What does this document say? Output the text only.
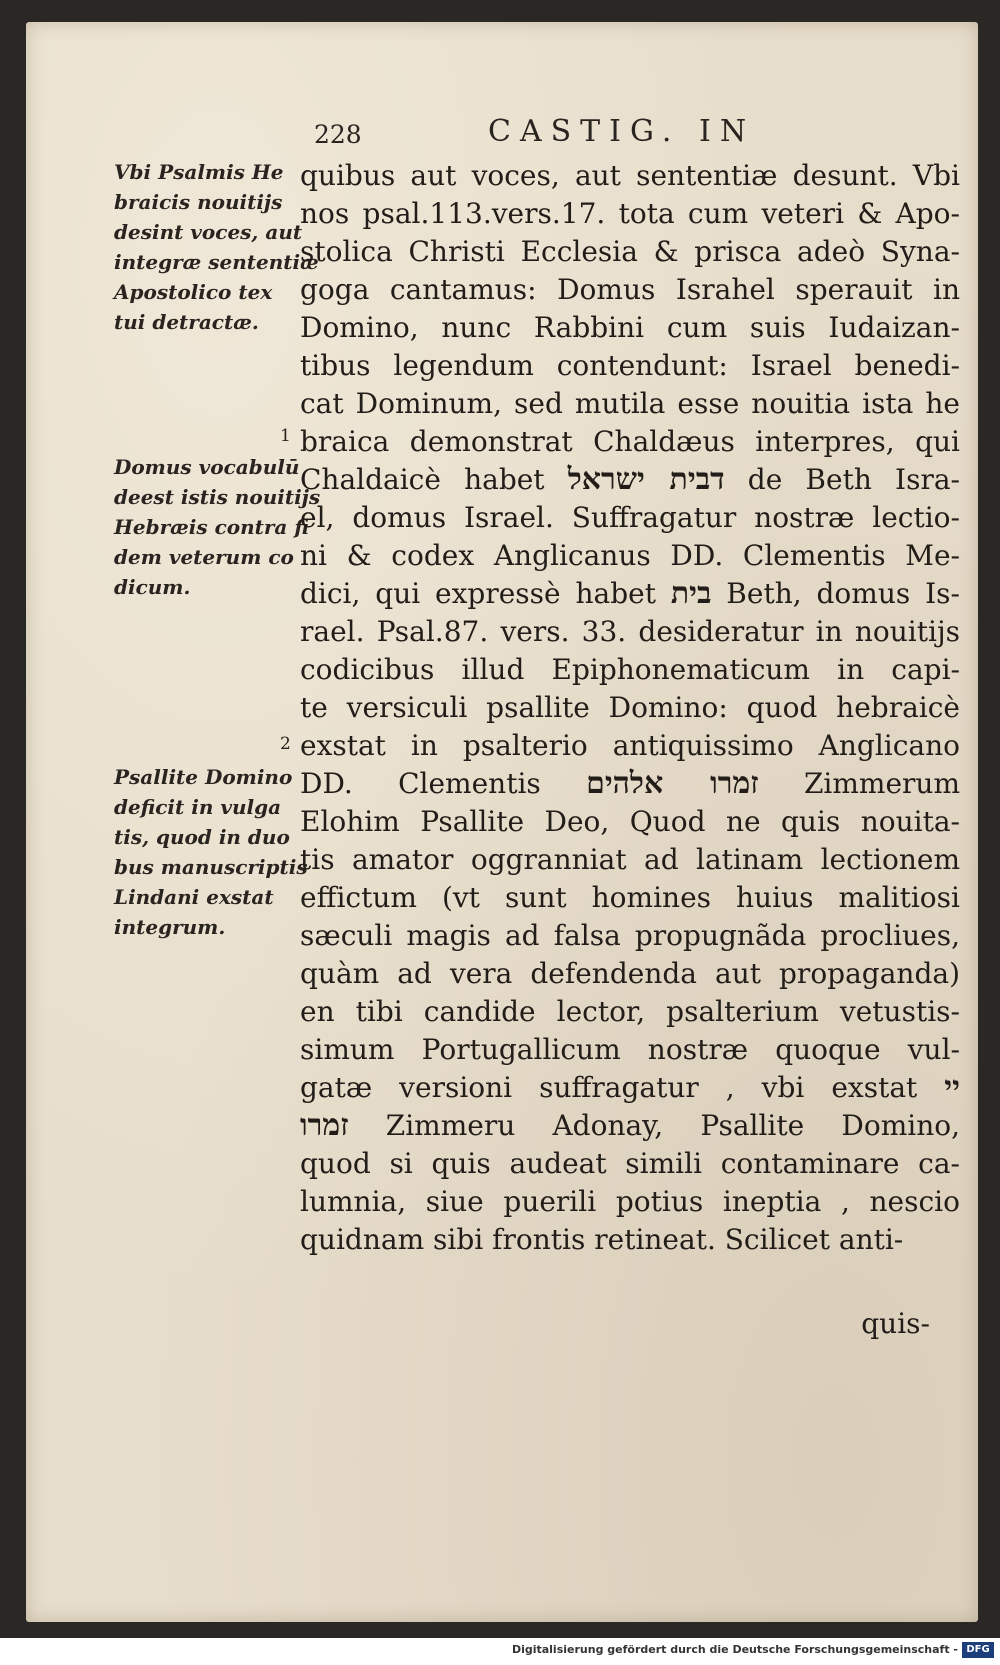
228	CASTIG. IN
Vbi Psalmis He
braicis nouitijs
desint voces, aut
integræ sententiæ
Apostolico tex
tui detractæ.
1
Domus vocabulū
deest istis nouitijs
Hebræis contra fi
dem veterum co
dicum.
2
Psallite Domino
deficit in vulga
tis, quod in duo
bus manuscriptis
Lindani exstat
integrum.
quibus aut voces, aut sententiæ desunt. Vbi
nos psal.113.vers.17. tota cum veteri & Apo-
stolica Christi Ecclesia & prisca adeò Syna-
goga cantamus: Domus Israhel sperauit in
Domino, nunc Rabbini cum suis Iudaizan-
tibus legendum contendunt: Israel benedi-
cat Dominum, sed mutila esse nouitia ista he
braica demonstrat Chaldæus interpres, qui
Chaldaicè habet דבית ישראל de Beth Isra-
el, domus Israel. Suffragatur nostræ lectio-
ni & codex Anglicanus DD. Clementis Me-
dici, qui expressè habet בית Beth, domus Is-
rael. Psal.87. vers. 33. desideratur in nouitijs
codicibus illud Epiphonematicum in capi-
te versiculi psallite Domino: quod hebraicè
exstat in psalterio antiquissimo Anglicano
DD. Clementis זמרו אלהים Zimmerum
Elohim Psallite Deo, Quod ne quis nouita-
tis amator oggranniat ad latinam lectionem
effictum (vt sunt homines huius malitiosi
sæculi magis ad falsa propugnãda procliues,
quàm ad vera defendenda aut propaganda)
en tibi candide lector, psalterium vetustis-
simum Portugallicum nostræ quoque vul-
gatæ versioni suffragatur , vbi exstat יי
זמרו Zimmeru Adonay, Psallite Domino,
quod si quis audeat simili contaminare ca-
lumnia, siue puerili potius ineptia , nescio
quidnam sibi frontis retineat. Scilicet anti-
quis-
Digitalisierung gefördert durch die Deutsche Forschungsgemeinschaft - DFG
